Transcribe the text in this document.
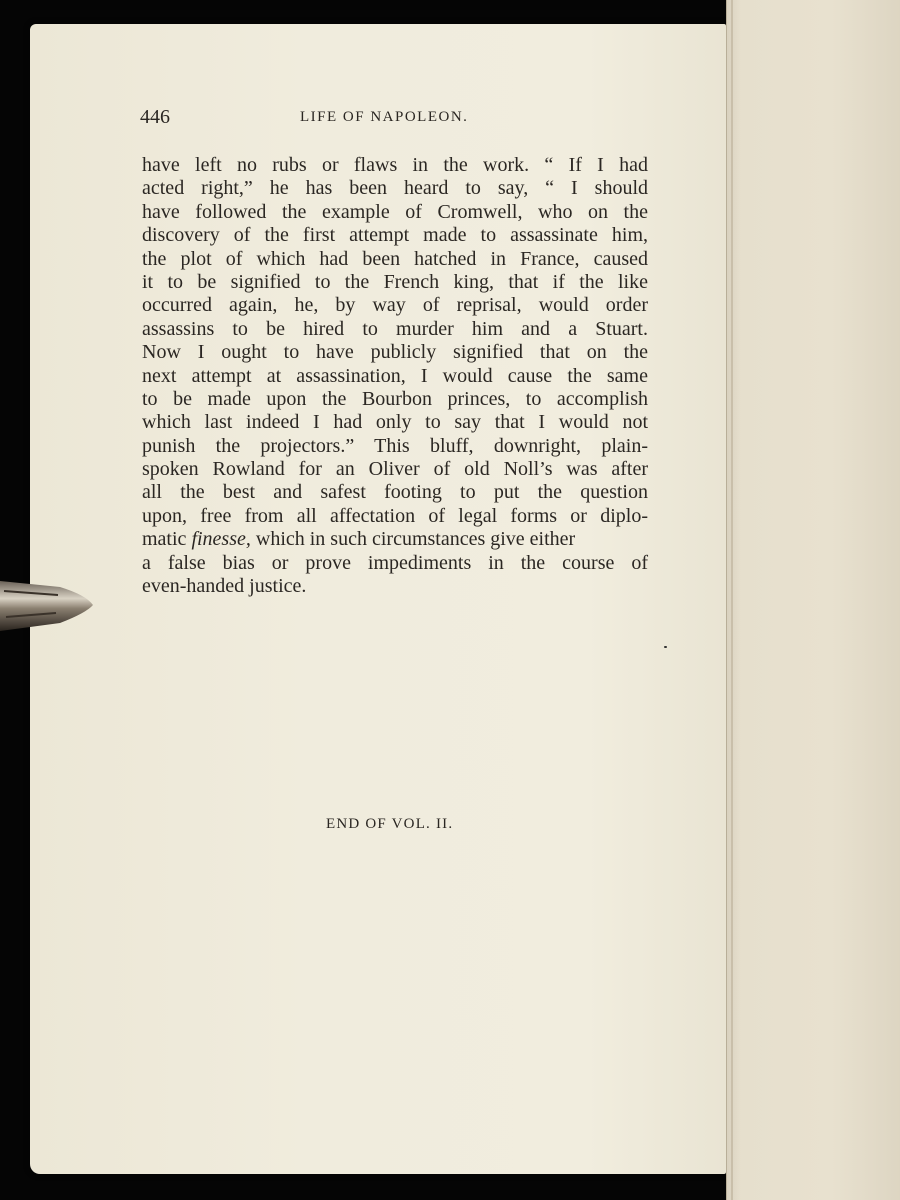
446	LIFE OF NAPOLEON.
have left no rubs or flaws in the work. “ If I had
acted right,” he has been heard to say, “ I should
have followed the example of Cromwell, who on the
discovery of the first attempt made to assassinate him,
the plot of which had been hatched in France, caused
it to be signified to the French king, that if the like
occurred again, he, by way of reprisal, would order
assassins to be hired to murder him and a Stuart.
Now I ought to have publicly signified that on the
next attempt at assassination, I would cause the same
to be made upon the Bourbon princes, to accomplish
which last indeed I had only to say that I would not
punish the projectors.” This bluff, downright, plain-
spoken Rowland for an Oliver of old Noll’s was after
all the best and safest footing to put the question
upon, free from all affectation of legal forms or diplo-
matic finesse, which in such circumstances give either
a false bias or prove impediments in the course of
even-handed justice.
END OF VOL. II.
